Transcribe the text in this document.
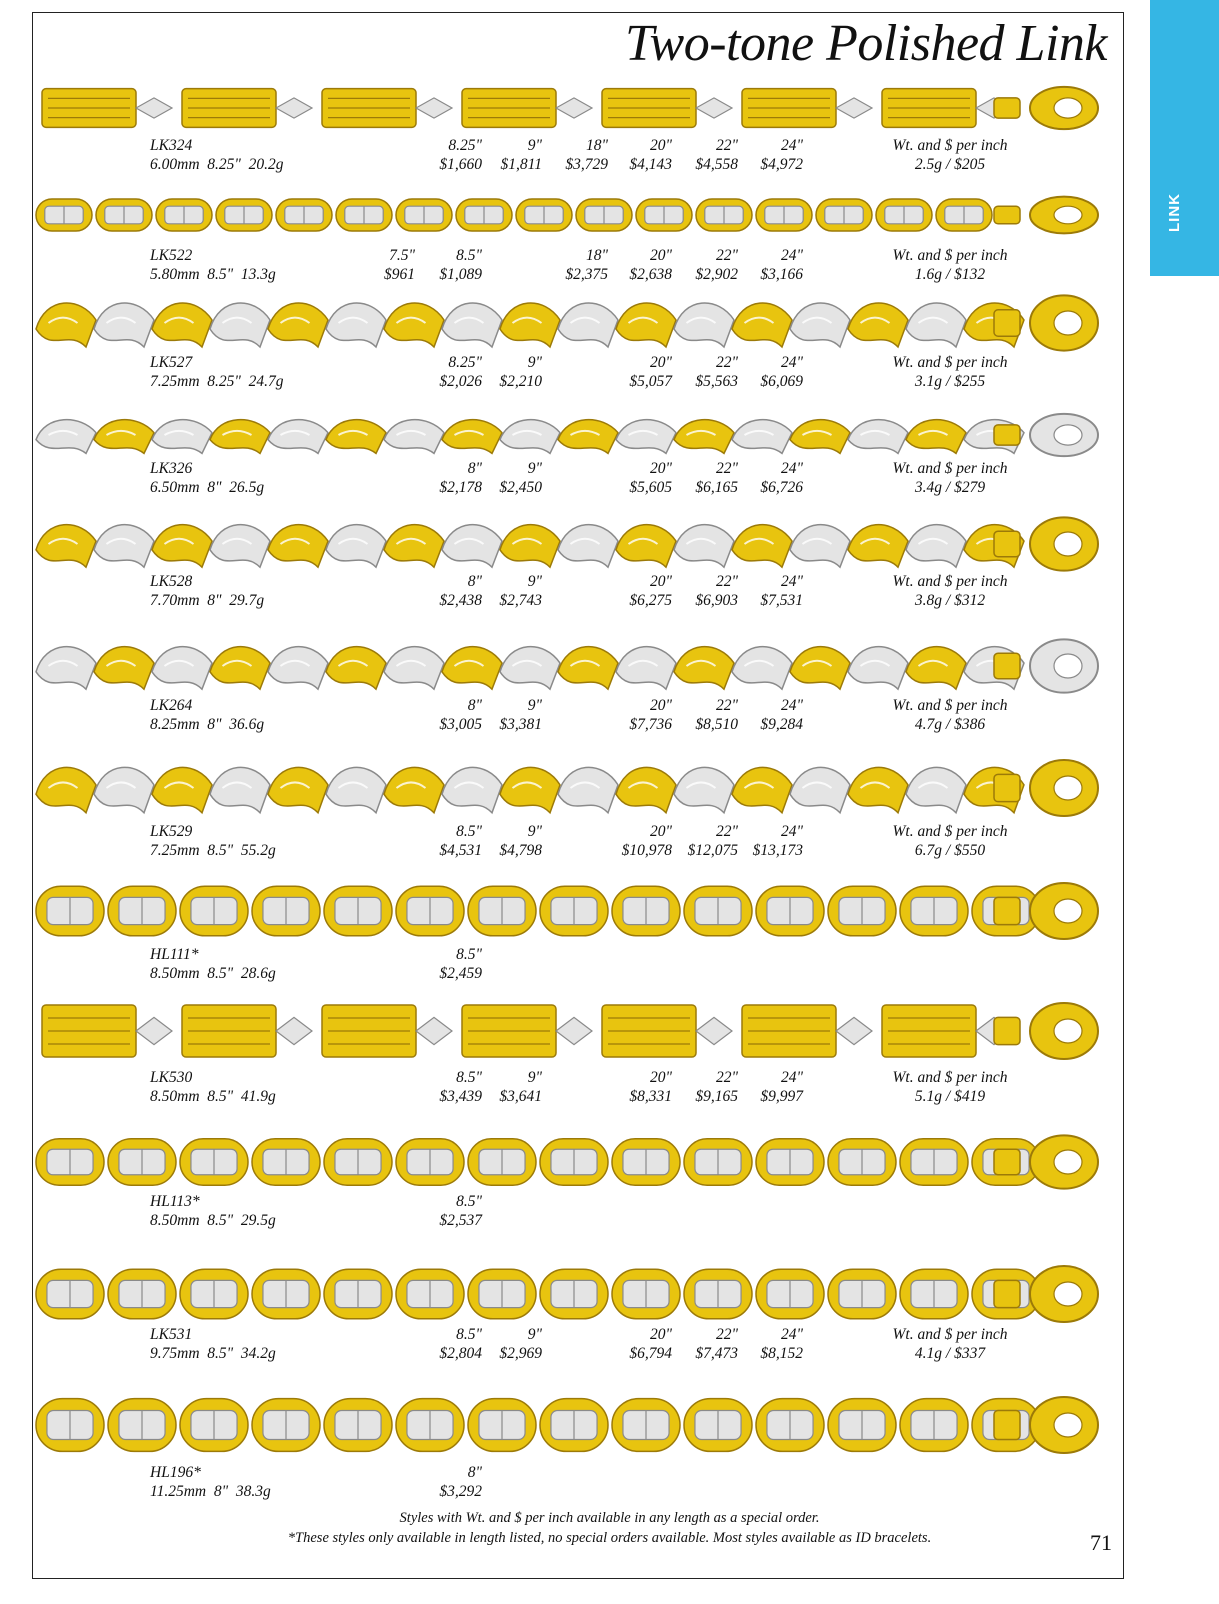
Two-tone Polished Link
LINK
LK324
6.00mm  8.25"  20.2g
8.25"
$1,660
9"
$1,811
18"
$3,729
20"
$4,143
22"
$4,558
24"
$4,972
Wt. and $ per inch
2.5g / $205
LK522
5.80mm  8.5"  13.3g
7.5"
$961
8.5"
$1,089
18"
$2,375
20"
$2,638
22"
$2,902
24"
$3,166
Wt. and $ per inch
1.6g / $132
LK527
7.25mm  8.25"  24.7g
8.25"
$2,026
9"
$2,210
20"
$5,057
22"
$5,563
24"
$6,069
Wt. and $ per inch
3.1g / $255
LK326
6.50mm  8"  26.5g
8"
$2,178
9"
$2,450
20"
$5,605
22"
$6,165
24"
$6,726
Wt. and $ per inch
3.4g / $279
LK528
7.70mm  8"  29.7g
8"
$2,438
9"
$2,743
20"
$6,275
22"
$6,903
24"
$7,531
Wt. and $ per inch
3.8g / $312
LK264
8.25mm  8"  36.6g
8"
$3,005
9"
$3,381
20"
$7,736
22"
$8,510
24"
$9,284
Wt. and $ per inch
4.7g / $386
LK529
7.25mm  8.5"  55.2g
8.5"
$4,531
9"
$4,798
20"
$10,978
22"
$12,075
24"
$13,173
Wt. and $ per inch
6.7g / $550
HL111*
8.50mm  8.5"  28.6g
8.5"
$2,459
LK530
8.50mm  8.5"  41.9g
8.5"
$3,439
9"
$3,641
20"
$8,331
22"
$9,165
24"
$9,997
Wt. and $ per inch
5.1g / $419
HL113*
8.50mm  8.5"  29.5g
8.5"
$2,537
LK531
9.75mm  8.5"  34.2g
8.5"
$2,804
9"
$2,969
20"
$6,794
22"
$7,473
24"
$8,152
Wt. and $ per inch
4.1g / $337
HL196*
11.25mm  8"  38.3g
8"
$3,292
Styles with Wt. and $ per inch available in any length as a special order.
*These styles only available in length listed, no special orders available. Most styles available as ID bracelets.	71
